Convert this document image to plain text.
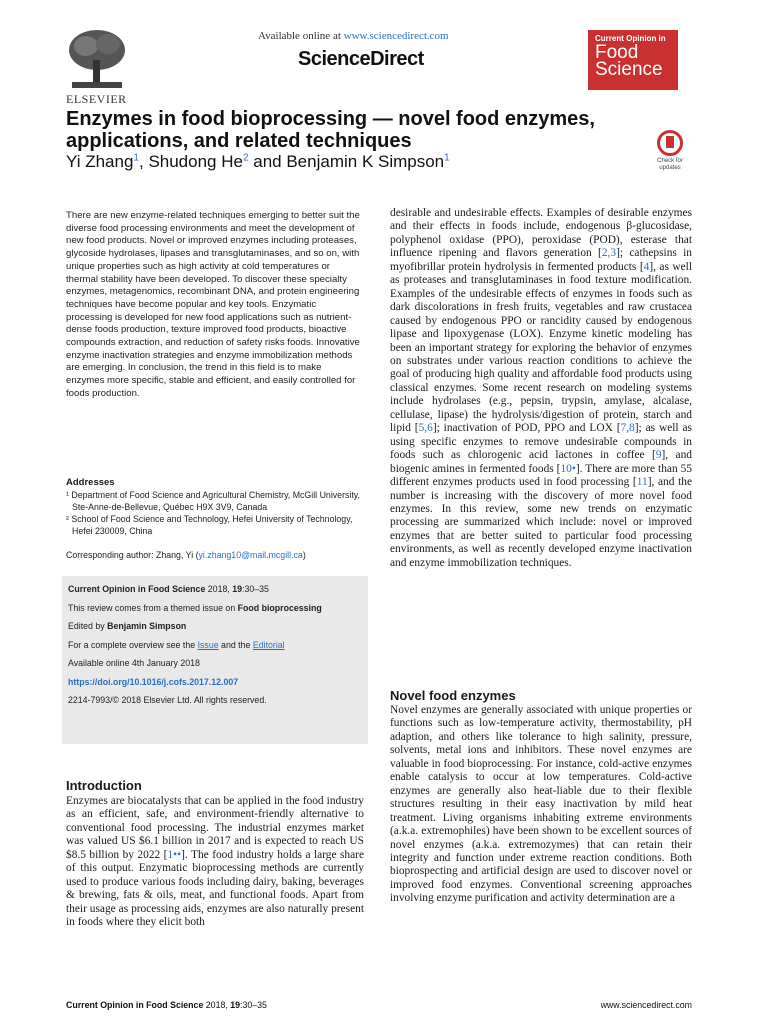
ELSEVIER
Available online at www.sciencedirect.com
ScienceDirect
Current Opinion in
Food Science
Enzymes in food bioprocessing — novel food enzymes, applications, and related techniques
Yi Zhang$^1$, Shudong He$^2$ and Benjamin K Simpson$^1$	Check for updates
There are new enzyme-related techniques emerging to better suit the diverse food processing environments and meet the development of new food products. Novel or improved enzymes including proteases, glycoside hydrolases, lipases and transglutaminases, and so on, with unique properties such as high activity at cold temperatures or thermal stability have been developed. To discover these specialty enzymes, metagenomics, recombinant DNA, and protein engineering techniques have become popular and key tools. Enzymatic processing is developed for new food applications such as nutrient-dense foods production, texture improved food products, bioactive compounds extraction, and reduction of safety risks foods. Innovative enzyme inactivation strategies and enzyme immobilization methods are emerging. In conclusion, the trend in this field is to make enzymes more specific, stable and efficient, and easily controlled for foods production.
Addresses

¹ Department of Food Science and Agricultural Chemistry, McGill University, Ste-Anne-de-Bellevue, Québec H9X 3V9, Canada

² School of Food Science and Technology, Hefei University of Technology, Hefei 230009, China

Corresponding author: Zhang, Yi (yi.zhang10@mail.mcgill.ca)

Current Opinion in Food Science 2018, 19:30–35

This review comes from a themed issue on Food bioprocessing

Edited by Benjamin Simpson

For a complete overview see the Issue and the Editorial

Available online 4th January 2018

https://doi.org/10.1016/j.cofs.2017.12.007

2214-7993/© 2018 Elsevier Ltd. All rights reserved.

Introduction
Enzymes are biocatalysts that can be applied in the food industry as an efficient, safe, and environment-friendly alternative to conventional food processing. The industrial enzymes market was valued US $6.1 billion in 2017 and is expected to reach US $8.5 billion by 2022 [1••]. The food industry holds a large share of this output. Enzymatic bioprocessing methods are currently used to produce various foods including dairy, baking, beverages & brewing, fats & oils, meat, and functional foods. Apart from their usage as processing aids, enzymes are also naturally present in foods where they elicit both
desirable and undesirable effects. Examples of desirable enzymes and their effects in foods include, endogenous β-glucosidase, polyphenol oxidase (PPO), peroxidase (POD), esterase that influence ripening and flavors generation [2,3]; cathepsins in myofibrillar protein hydrolysis in fermented products [4], as well as proteases and transglutaminases in food texture modification. Examples of the undesirable effects of enzymes in foods such as dark discolorations in fresh fruits, vegetables and raw crustacea caused by endogenous PPO or rancidity caused by endogenous lipase and lipoxygenase (LOX). Enzyme kinetic modeling has been an important strategy for exploring the behavior of enzymes on substrates under various reaction conditions to achieve the goal of producing high quality and affordable food products using classical enzymes. Some recent research on modeling systems include hydrolases (e.g., pepsin, trypsin, amylase, alcalase, cellulase, lipase) the hydrolysis/digestion of protein, starch and lipid [5,6]; inactivation of POD, PPO and LOX [7,8]; as well as using specific enzymes to remove undesirable compounds in foods such as chlorogenic acid lactones in coffee [9], and biogenic amines in fermented foods [10•]. There are more than 55 different enzymes products used in food processing [11], and the number is increasing with the discovery of more novel food enzymes. In this review, some new trends on enzymatic processing are summarized which include: novel or improved enzymes that are better suited to particular food processing environments, as well as recently developed enzyme inactivation and enzyme immobilization techniques.
Novel food enzymes
Novel enzymes are generally associated with unique properties or functions such as low-temperature activity, thermostability, pH adaption, and others like tolerance to high salinity, pressure, solvents, metal ions and inhibitors. These novel enzymes are valuable in food bioprocessing. For instance, cold-active enzymes enable catalysis to occur at low temperatures. Cold-active enzymes are generally also heat-liable due to their flexible structures resulting in their easy inactivation by mild heat treatment. Living organisms inhabiting extreme environments (a.k.a. extremophiles) have been shown to be excellent sources of novel enzymes (a.k.a. extremozymes) that can retain their integrity and function under extreme reaction conditions. Both bioprospecting and artificial design are used to discover novel or improved food enzymes. Conventional screening approaches involving enzyme purification and activity determination are a
Current Opinion in Food Science 2018, 19:30–35	www.sciencedirect.com
